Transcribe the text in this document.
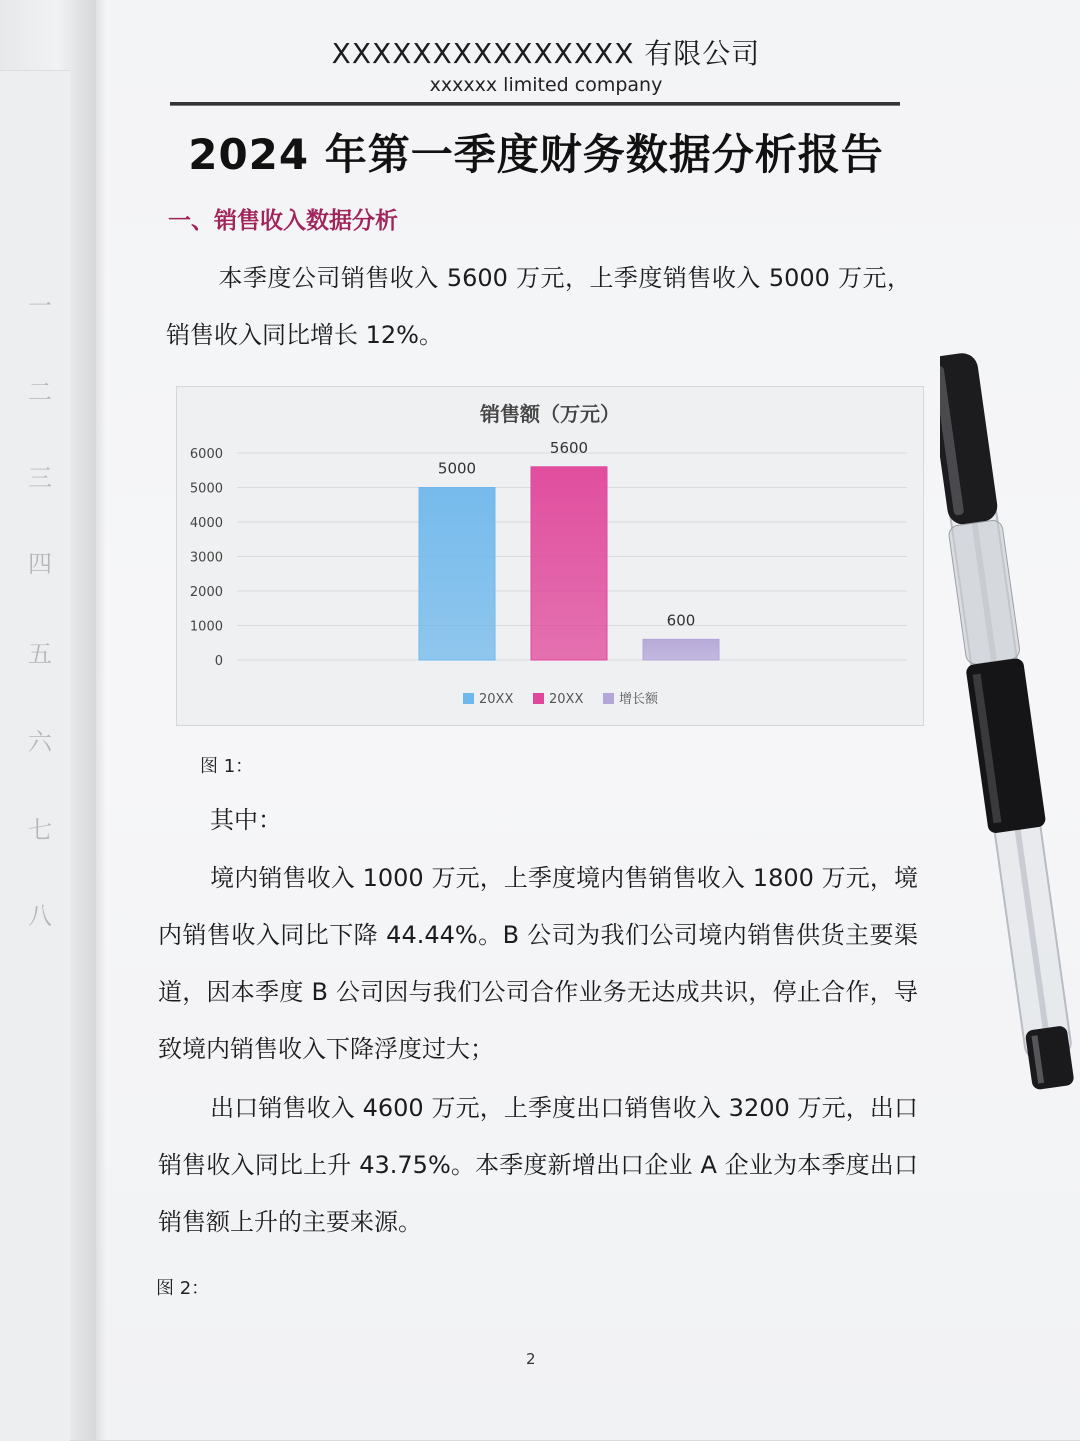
一
二
三
四
五
六
七
八
XXXXXXXXXXXXXXX 有限公司
xxxxxx limited company
2024 年第一季度财务数据分析报告
一、销售收入数据分析
本季度公司销售收入 5600 万元，上季度销售收入 5000 万元，销售收入同比增长 12%。
销售额（万元）
0
1000
2000
3000
4000
5000
6000
5000
5600
600
20XX	20XX	增长额
图 1：
其中：
境内销售收入 1000 万元，上季度境内售销售收入 1800 万元，境内销售收入同比下降 44.44%。B 公司为我们公司境内销售供货主要渠道，因本季度 B 公司因与我们公司合作业务无达成共识，停止合作，导致境内销售收入下降浮度过大；
出口销售收入 4600 万元，上季度出口销售收入 3200 万元，出口销售收入同比上升 43.75%。本季度新增出口企业 A 企业为本季度出口销售额上升的主要来源。
图 2：
2
